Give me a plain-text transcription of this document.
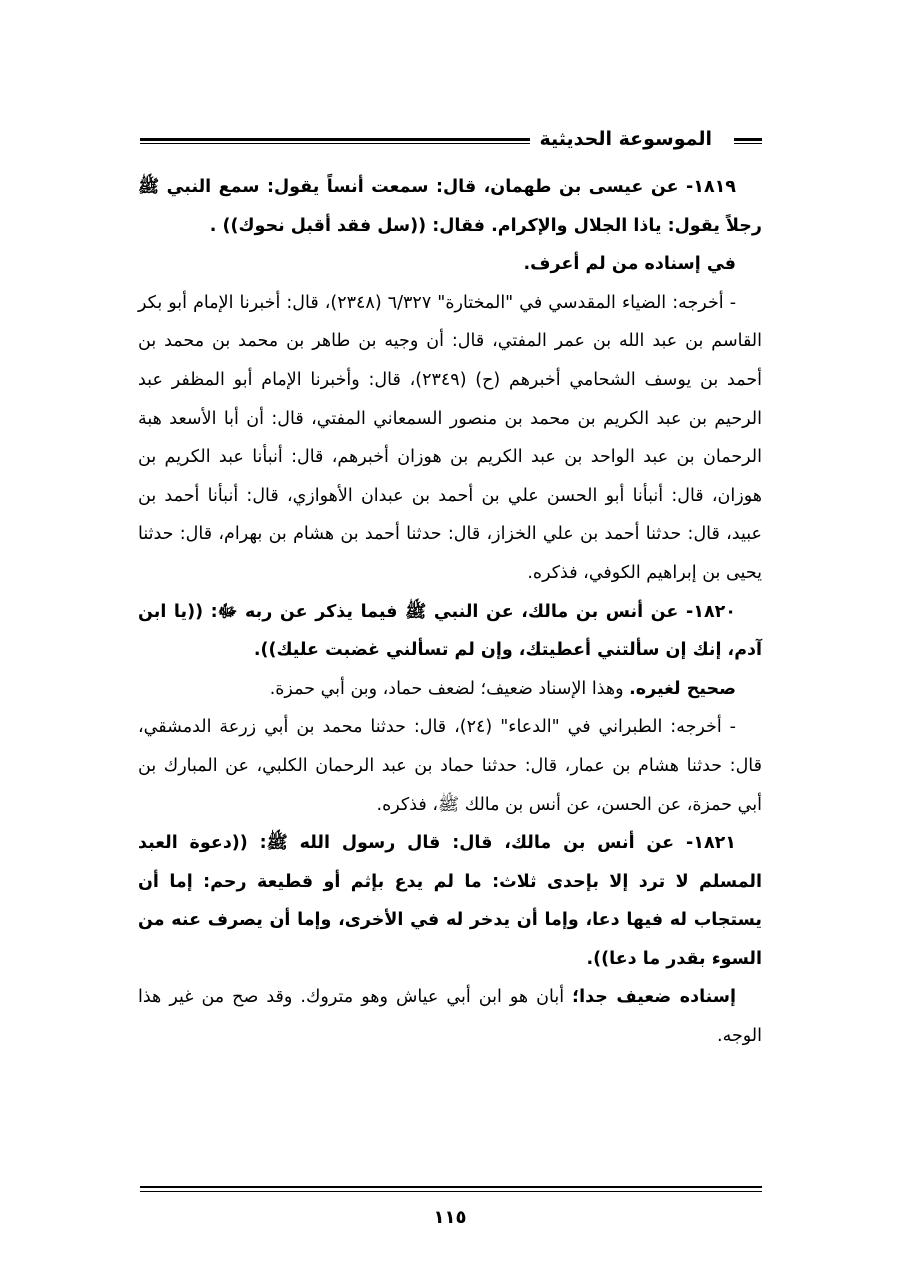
الموسوعة الحديثية

١٨١٩- عن عيسى بن طهمان، قال: سمعت أنساً يقول: سمع النبي ﷺ رجلاً يقول: ياذا الجلال والإكرام. فقال: ((سل فقد أقبل نحوك)) .

في إسناده من لم أعرف.

- أخرجه: الضياء المقدسي في "المختارة" ٦/٣٢٧ (٢٣٤٨)، قال: أخبرنا الإمام أبو بكر القاسم بن عبد الله بن عمر المفتي، قال: أن وجيه بن طاهر بن محمد بن محمد بن أحمد بن يوسف الشحامي أخبرهم (ح) (٢٣٤٩)، قال: وأخبرنا الإمام أبو المظفر عبد الرحيم بن عبد الكريم بن محمد بن منصور السمعاني المفتي، قال: أن أبا الأسعد هبة الرحمان بن عبد الواحد بن عبد الكريم بن هوزان أخبرهم، قال: أنبأنا عبد الكريم بن هوزان، قال: أنبأنا أبو الحسن علي بن أحمد بن عبدان الأهوازي، قال: أنبأنا أحمد بن عبيد، قال: حدثنا أحمد بن علي الخزاز، قال: حدثنا أحمد بن هشام بن بهرام، قال: حدثنا يحيى بن إبراهيم الكوفي، فذكره.

١٨٢٠- عن أنس بن مالك، عن النبي ﷺ فيما يذكر عن ربه ﷻ: ((يا ابن آدم، إنك إن سألتني أعطيتك، وإن لم تسألني غضبت عليك)).

صحيح لغيره. وهذا الإسناد ضعيف؛ لضعف حماد، وبن أبي حمزة.

- أخرجه: الطبراني في "الدعاء" (٢٤)، قال: حدثنا محمد بن أبي زرعة الدمشقي، قال: حدثنا هشام بن عمار، قال: حدثنا حماد بن عبد الرحمان الكلبي، عن المبارك بن أبي حمزة، عن الحسن، عن أنس بن مالك ﷺ، فذكره.

١٨٢١- عن أنس بن مالك، قال: قال رسول الله ﷺ: ((دعوة العبد المسلم لا ترد إلا بإحدى ثلاث: ما لم يدع بإثم أو قطيعة رحم: إما أن يستجاب له فيها دعا، وإما أن يدخر له في الأخرى، وإما أن يصرف عنه من السوء بقدر ما دعا)).

إسناده ضعيف جدا؛ أبان هو ابن أبي عياش وهو متروك. وقد صح من غير هذا الوجه.

١١٥
